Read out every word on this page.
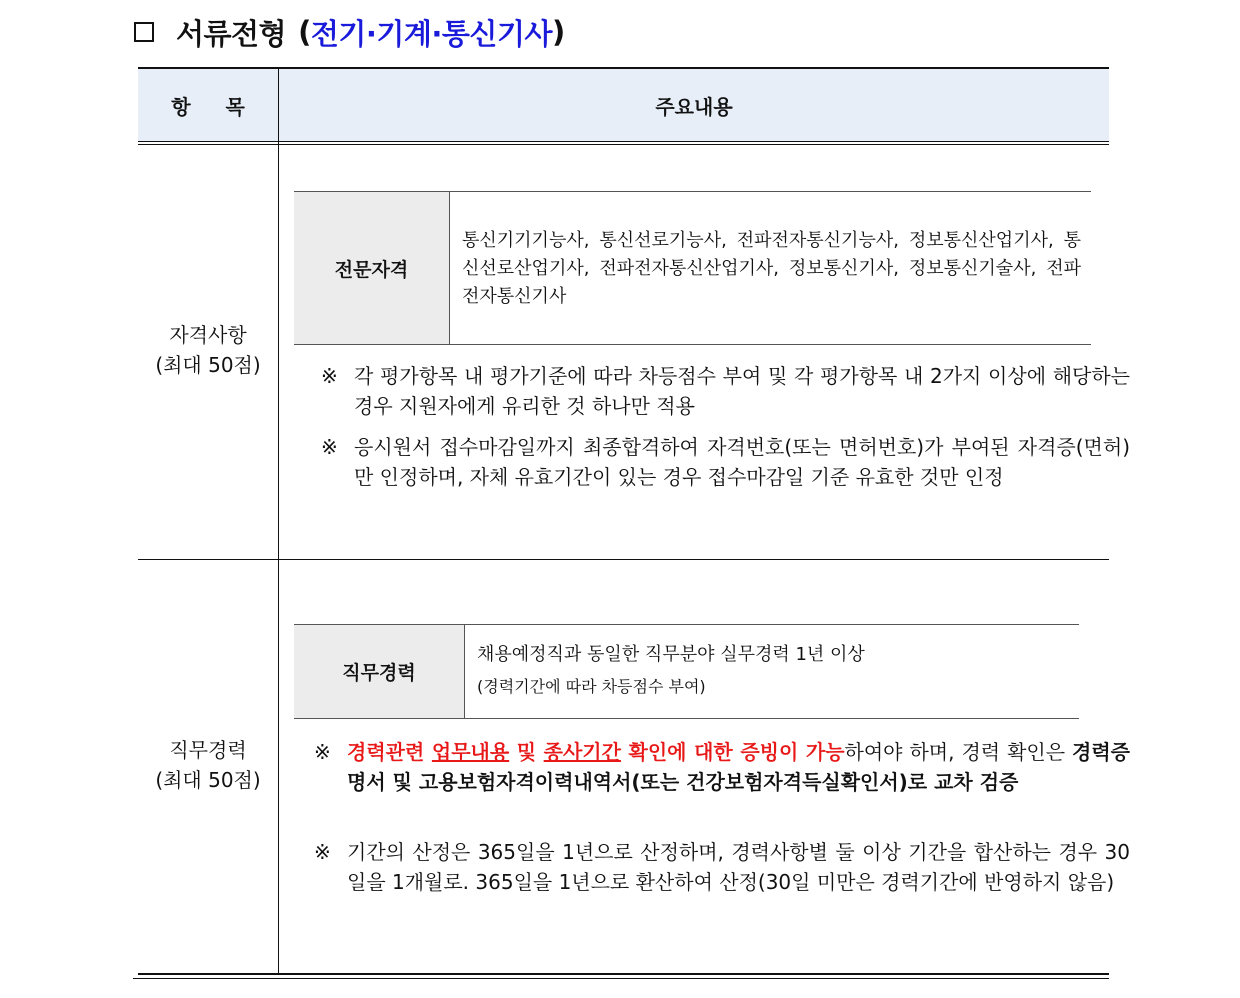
서류전형 ( 전기·기계·통신기사 )
항 목	주요내용
자격사항
(최대 50점)
전문자격
통신기기기능사, 통신선로기능사, 전파전자통신기능사, 정보통신산업기사, 통신선로산업기사, 전파전자통신산업기사, 정보통신기사, 정보통신기술사, 전파전자통신기사
※ 각 평가항목 내 평가기준에 따라 차등점수 부여 및 각 평가항목 내 2가지 이상에 해당하는 경우 지원자에게 유리한 것 하나만 적용
※ 응시원서 접수마감일까지 최종합격하여 자격번호(또는 면허번호)가 부여된 자격증(면허)만 인정하며, 자체 유효기간이 있는 경우 접수마감일 기준 유효한 것만 인정
직무경력
(최대 50점)
직무경력
채용예정직과 동일한 직무분야 실무경력 1년 이상
(경력기간에 따라 차등점수 부여)
※ 경력관련 업무내용 및 종사기간 확인에 대한 증빙이 가능하여야 하며, 경력 확인은 경력증명서 및 고용보험자격이력내역서(또는 건강보험자격득실확인서)로 교차 검증
※ 기간의 산정은 365일을 1년으로 산정하며, 경력사항별 둘 이상 기간을 합산하는 경우 30일을 1개월로. 365일을 1년으로 환산하여 산정(30일 미만은 경력기간에 반영하지 않음)
